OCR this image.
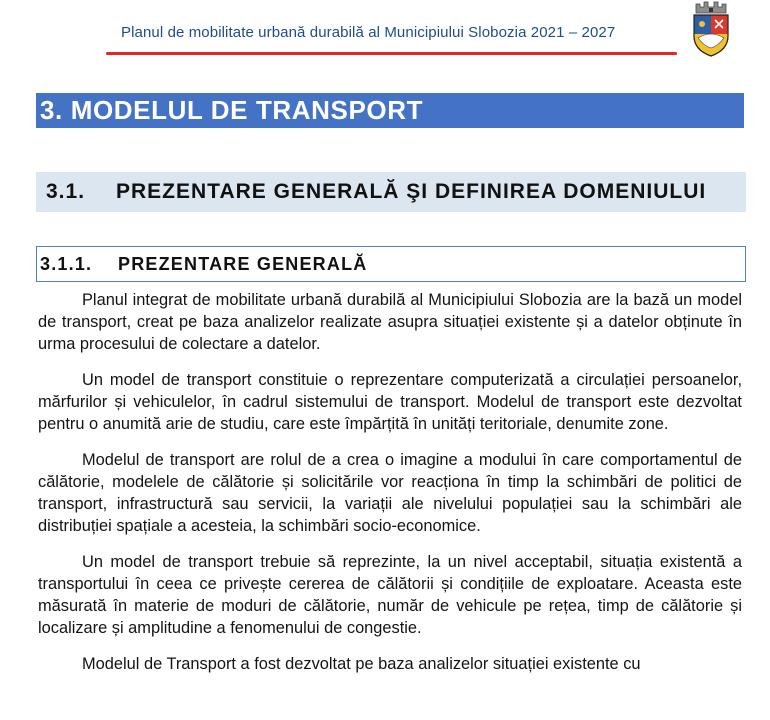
Planul de mobilitate urbană durabilă al Municipiului Slobozia 2021 – 2027
3. MODELUL DE TRANSPORT
3.1. PREZENTARE GENERALĂ ŞI DEFINIREA DOMENIULUI
3.1.1. PREZENTARE GENERALĂ

Planul integrat de mobilitate urbană durabilă al Municipiului Slobozia are la bază un model de transport, creat pe baza analizelor realizate asupra situației existente și a datelor obținute în urma procesului de colectare a datelor.

Un model de transport constituie o reprezentare computerizată a circulației persoanelor, mărfurilor și vehiculelor, în cadrul sistemului de transport. Modelul de transport este dezvoltat pentru o anumită arie de studiu, care este împărțită în unități teritoriale, denumite zone.

Modelul de transport are rolul de a crea o imagine a modului în care comportamentul de călătorie, modelele de călătorie și solicitările vor reacționa în timp la schimbări de politici de transport, infrastructură sau servicii, la variații ale nivelului populației sau la schimbări ale distribuției spațiale a acesteia, la schimbări socio-economice.

Un model de transport trebuie să reprezinte, la un nivel acceptabil, situația existentă a transportului în ceea ce privește cererea de călătorii și condițiile de exploatare. Aceasta este măsurată în materie de moduri de călătorie, număr de vehicule pe rețea, timp de călătorie și localizare și amplitudine a fenomenului de congestie.

Modelul de Transport a fost dezvoltat pe baza analizelor situației existente cu
